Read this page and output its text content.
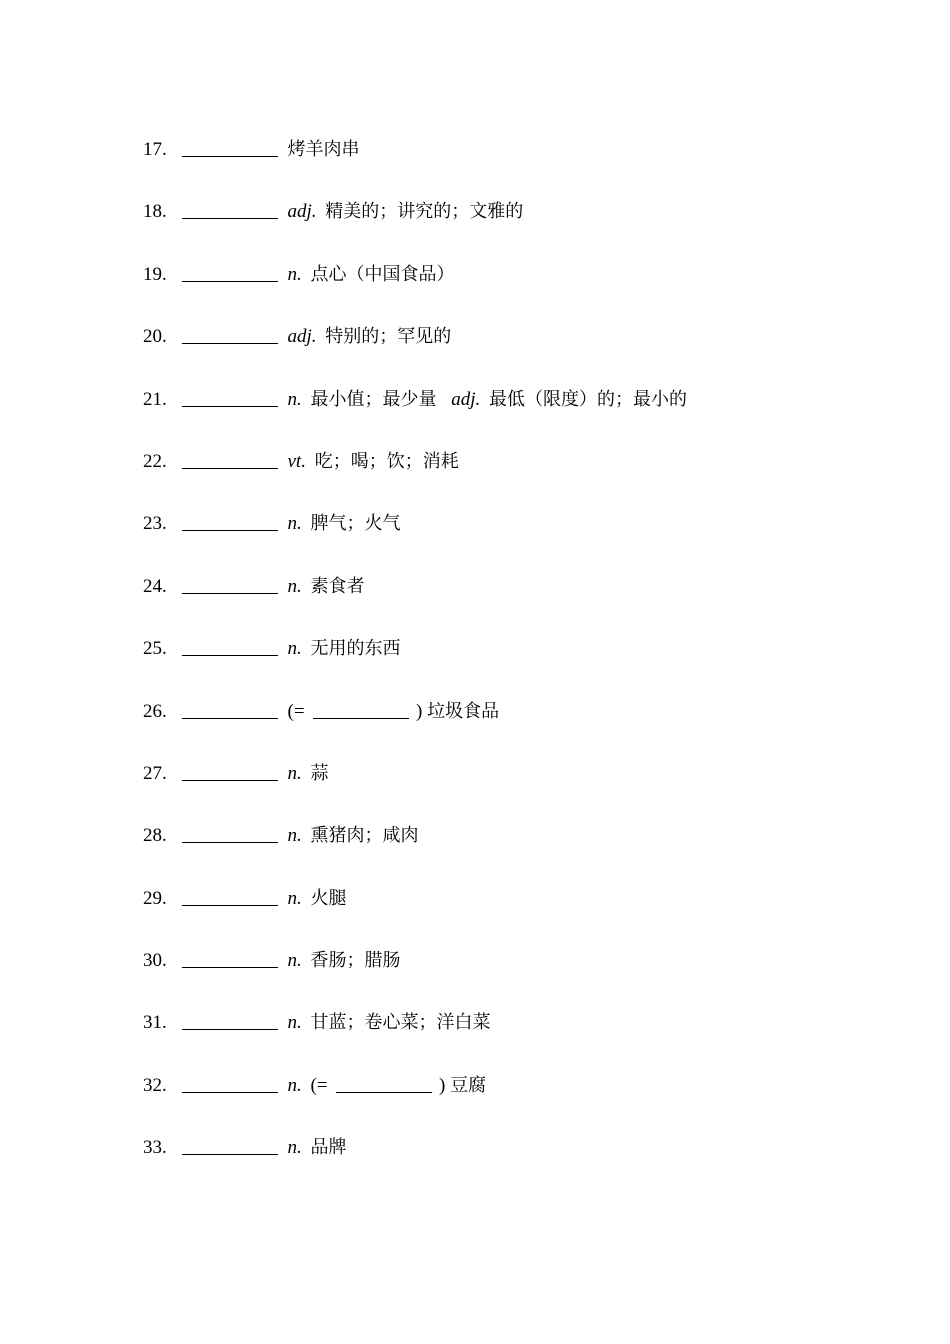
17.	烤羊肉串
18.	adj. 精美的；讲究的；文雅的
19.	n. 点心（中国食品）
20.	adj. 特别的；罕见的
21.	n. 最小值；最少量 adj. 最低（限度）的；最小的
22.	vt. 吃；喝；饮；消耗
23.	n. 脾气；火气
24.	n. 素食者
25.	n. 无用的东西
26.	(=	) 垃圾食品
27.	n. 蒜
28.	n. 熏猪肉；咸肉
29.	n. 火腿
30.	n. 香肠；腊肠
31.	n. 甘蓝；卷心菜；洋白菜
32.	n. (=	) 豆腐
33.	n. 品牌
